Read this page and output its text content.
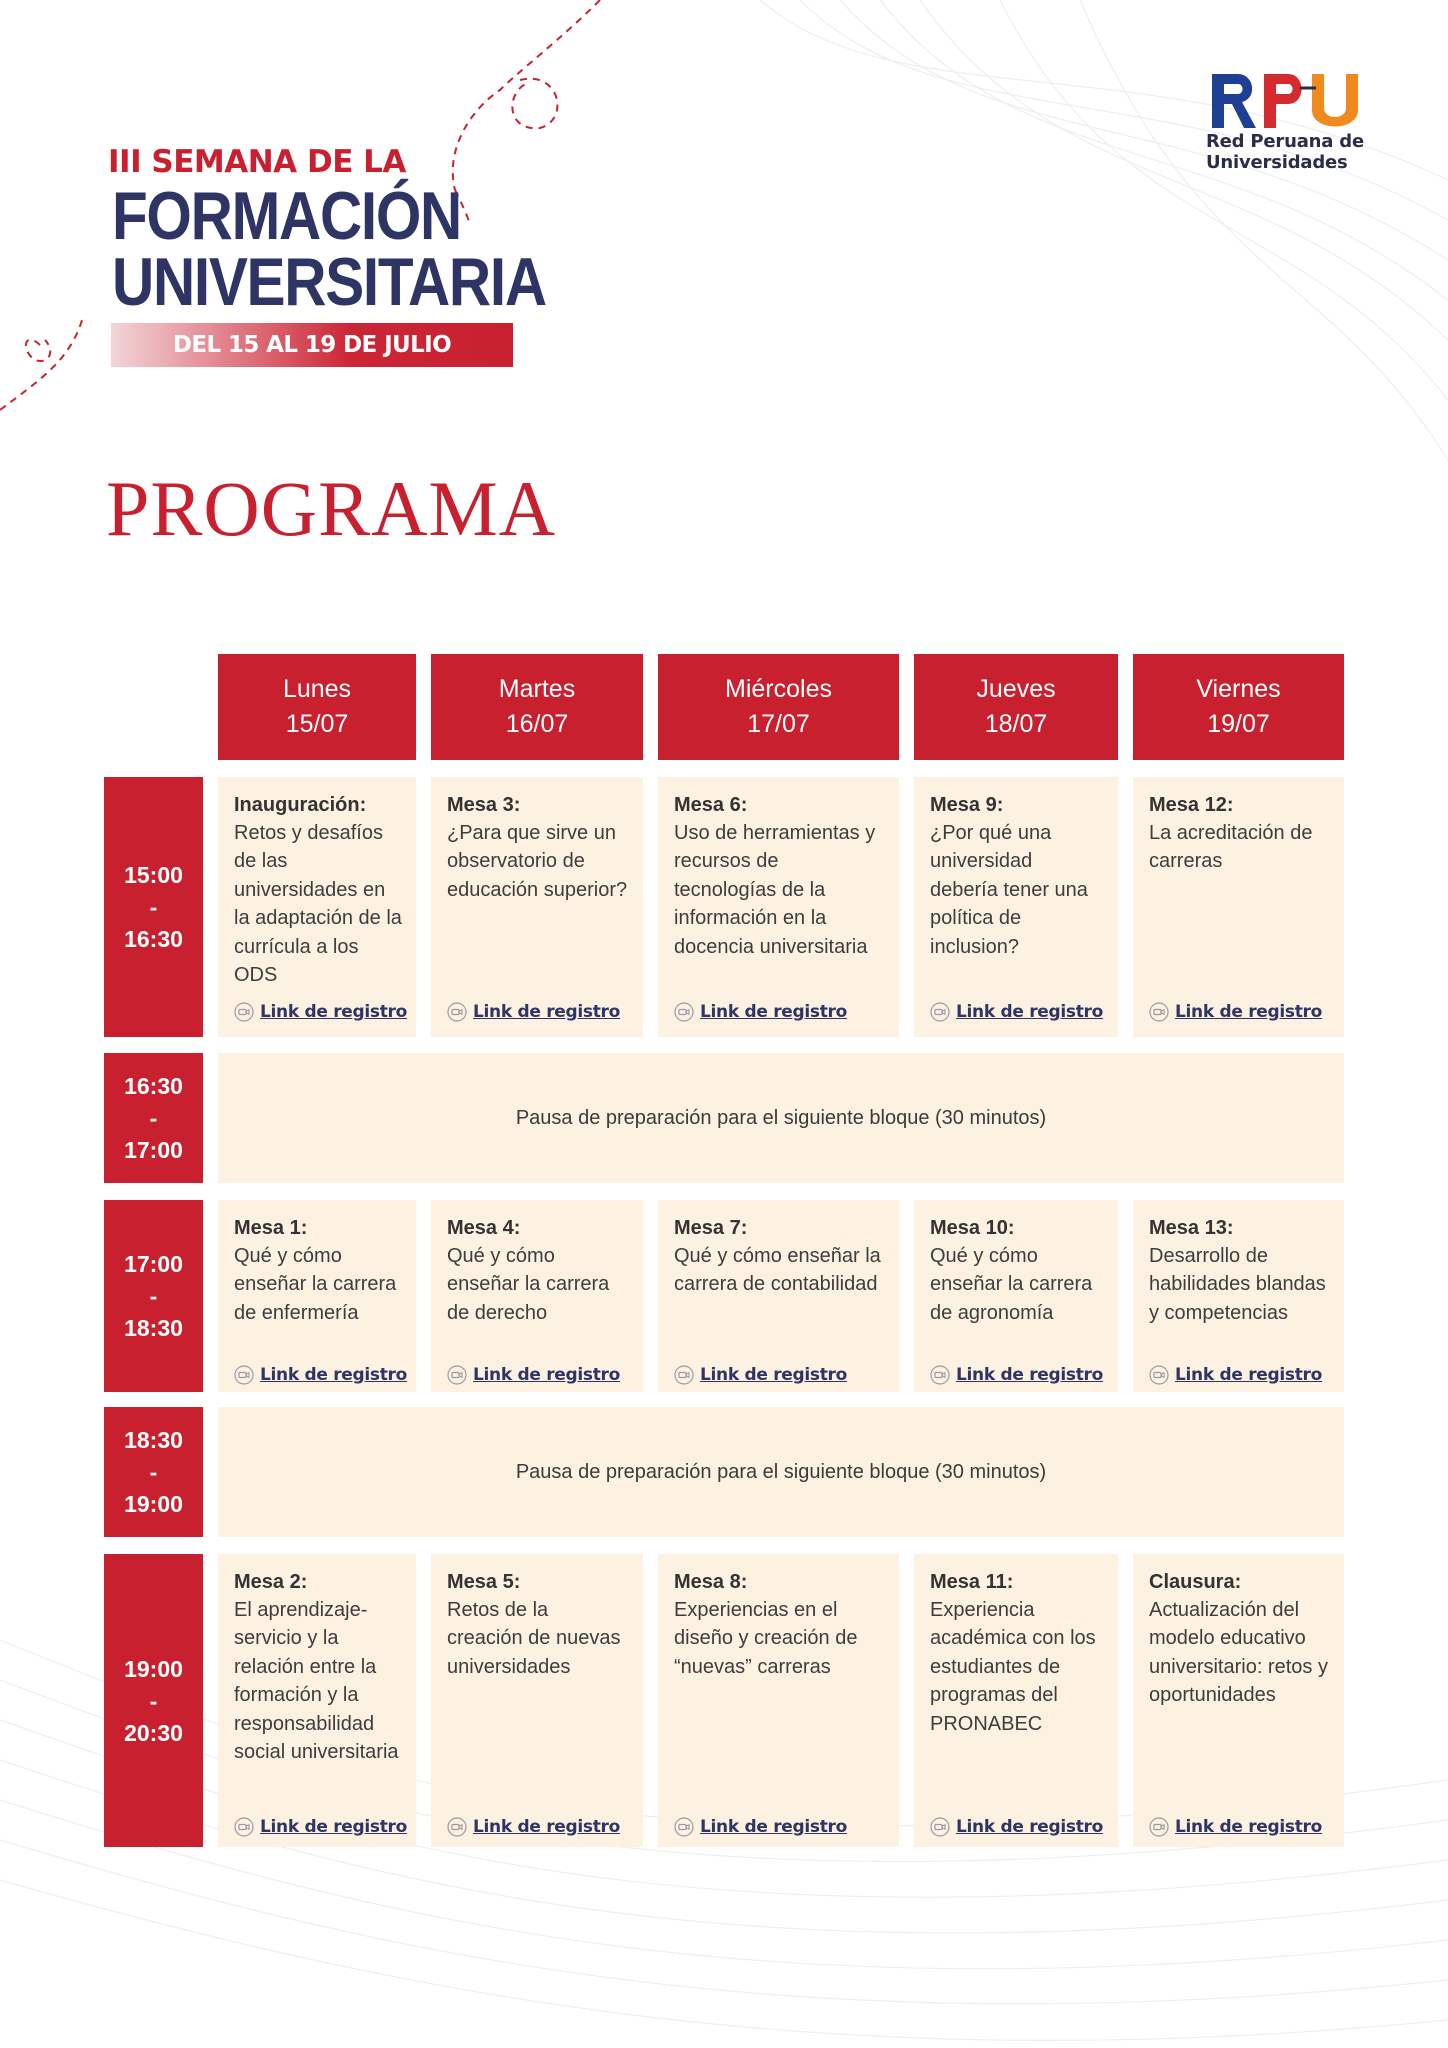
III SEMANA DE LA
FORMACIÓN
UNIVERSITARIA
DEL 15 AL 19 DE JULIO
Red Peruana de
Universidades
PROGRAMA
Lunes
15/07
Martes
16/07
Miércoles
17/07
Jueves
18/07
Viernes
19/07
15:00
-
16:30
Inauguración:
Retos y desafíos de las universidades en la adaptación de la currícula a los ODS
Link de registro
Mesa 3:
¿Para que sirve un observatorio de educación superior?
Link de registro
Mesa 6:
Uso de herramientas y recursos de tecnologías de la información en la docencia universitaria
Link de registro
Mesa 9:
¿Por qué una universidad debería tener una política de inclusion?
Link de registro
Mesa 12:
La acreditación de carreras
Link de registro
16:30
-
17:00
Pausa de preparación para el siguiente bloque (30 minutos)
17:00
-
18:30
Mesa 1:
Qué y cómo enseñar la carrera de enfermería
Link de registro
Mesa 4:
Qué y cómo enseñar la carrera de derecho
Link de registro
Mesa 7:
Qué y cómo enseñar la carrera de contabilidad
Link de registro
Mesa 10:
Qué y cómo enseñar la carrera de agronomía
Link de registro
Mesa 13:
Desarrollo de habilidades blandas y competencias
Link de registro
18:30
-
19:00
Pausa de preparación para el siguiente bloque (30 minutos)
19:00
-
20:30
Mesa 2:
El aprendizaje-servicio y la relación entre la formación y la responsabilidad social universitaria
Link de registro
Mesa 5:
Retos de la creación de nuevas universidades
Link de registro
Mesa 8:
Experiencias en el diseño y creación de “nuevas” carreras
Link de registro
Mesa 11:
Experiencia académica con los estudiantes de programas del PRONABEC
Link de registro
Clausura:
Actualización del modelo educativo universitario: retos y oportunidades
Link de registro
